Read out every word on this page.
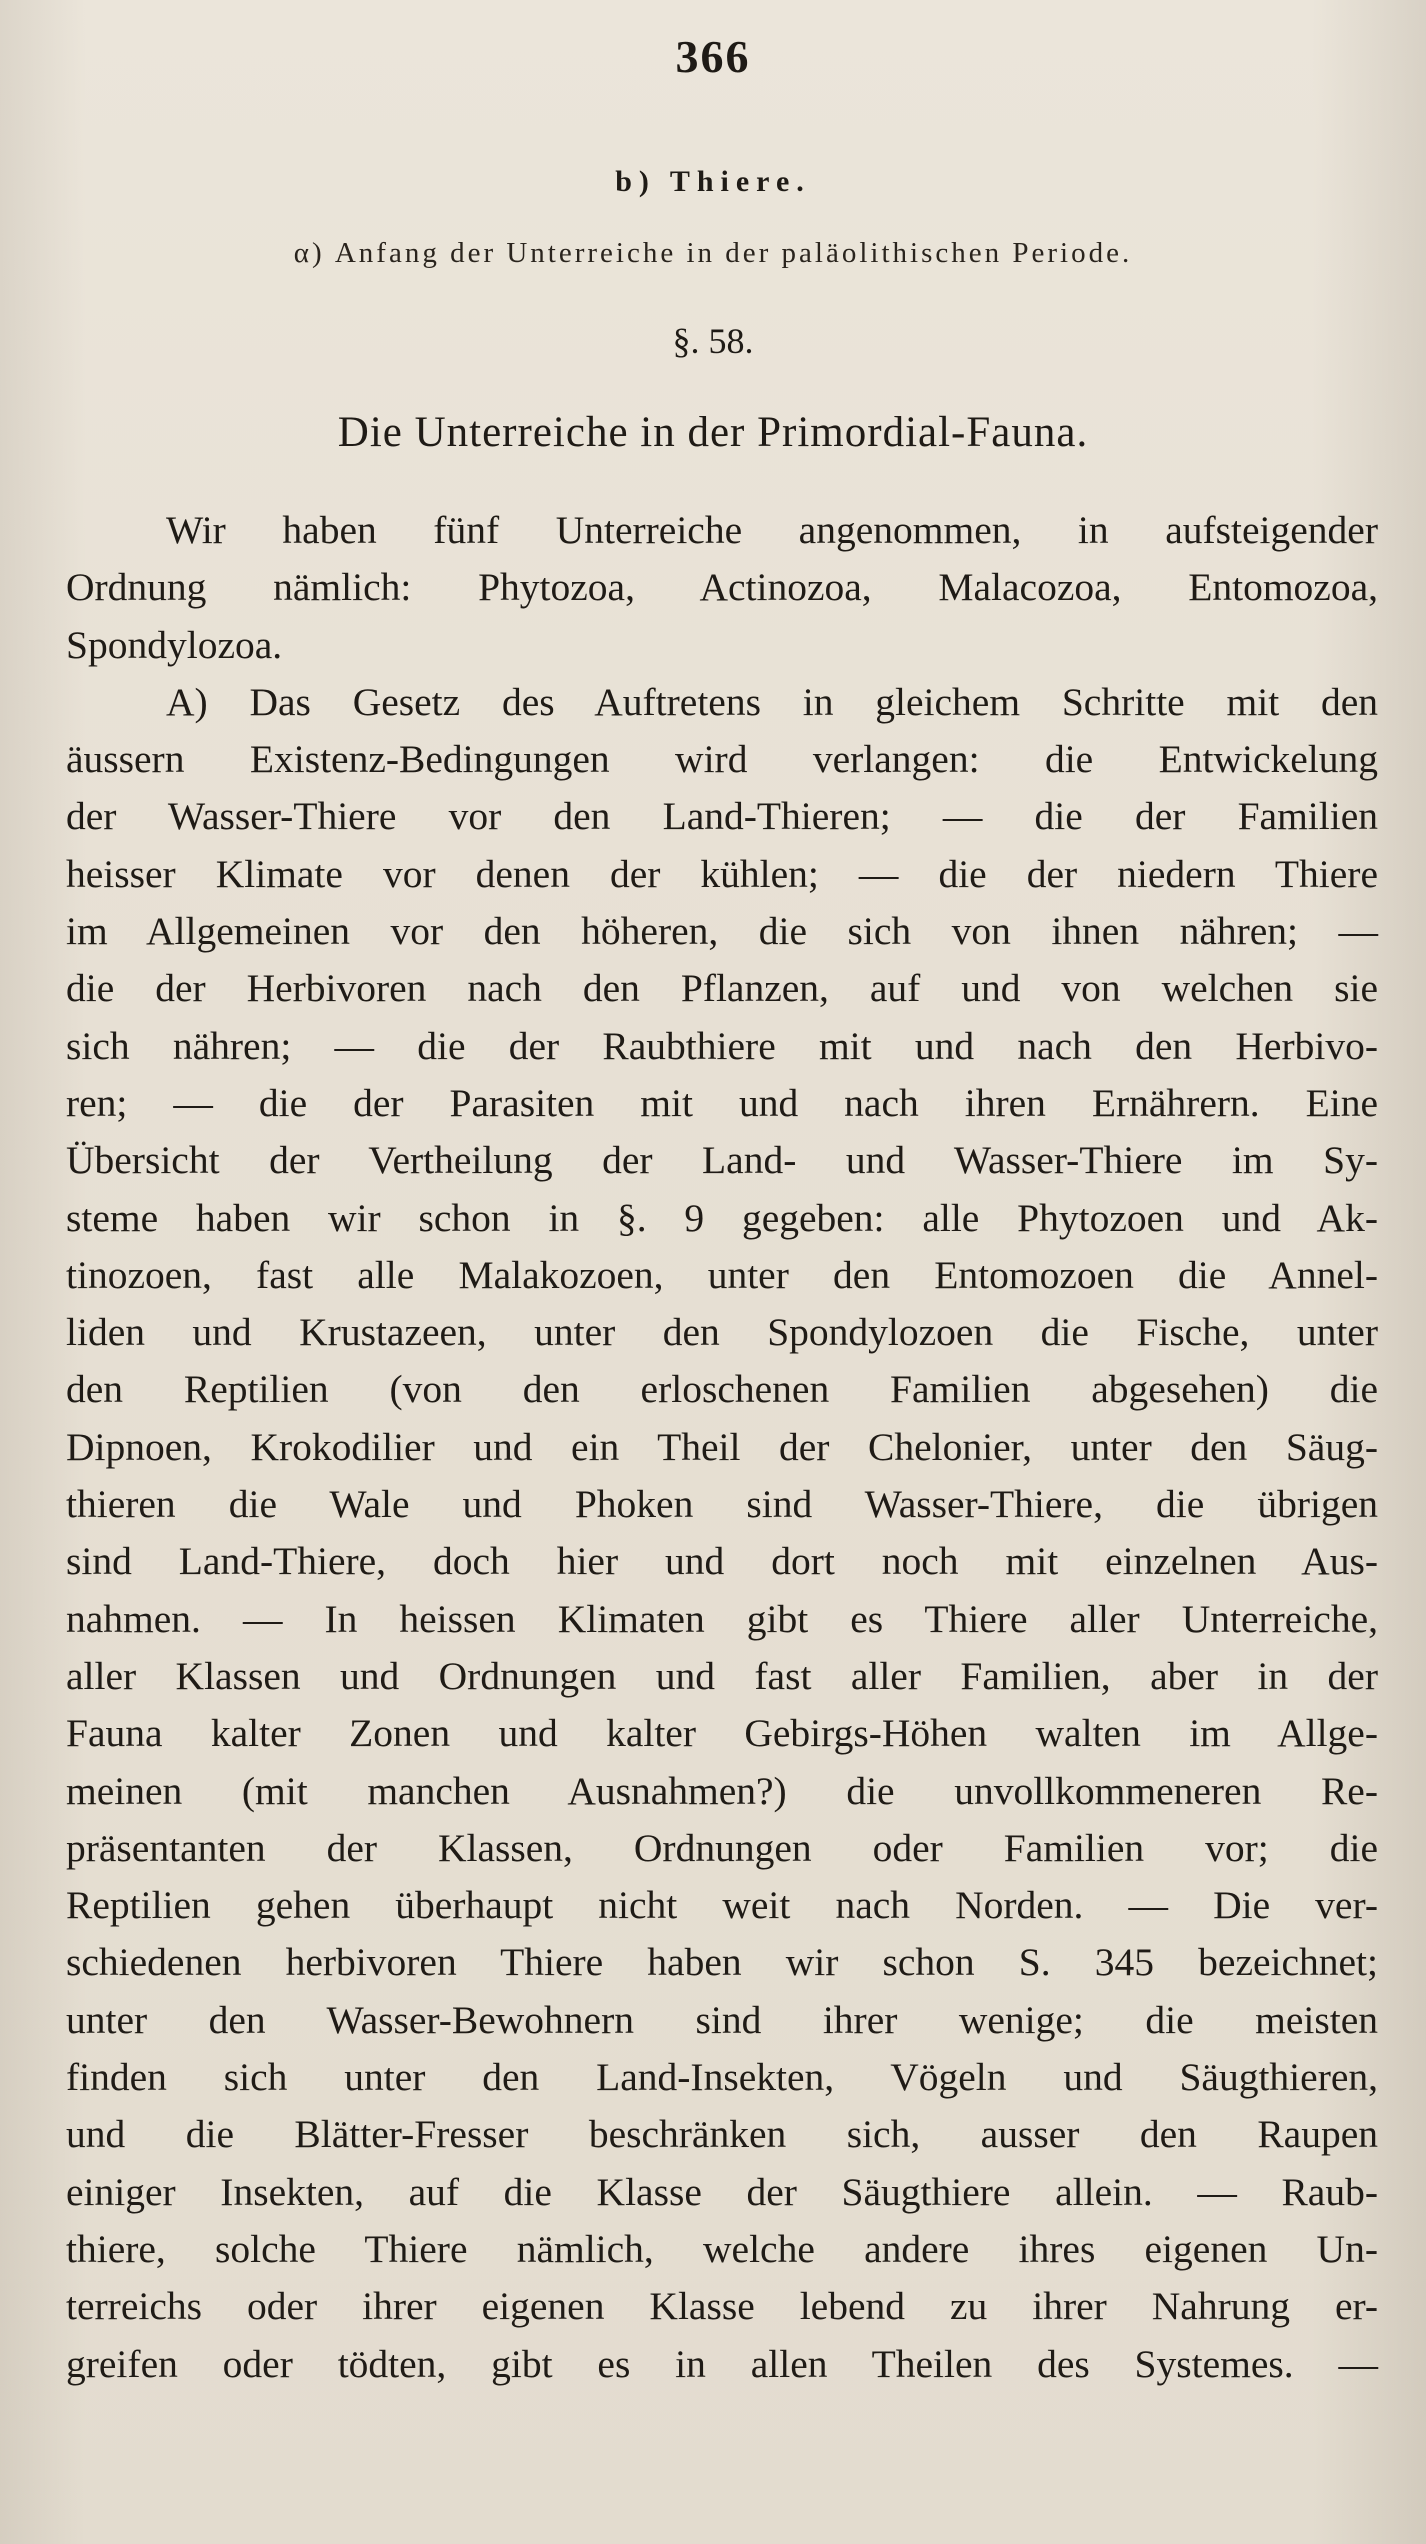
366
b) Thiere.
α) Anfang der Unterreiche in der paläolithischen Periode.
§. 58.
Die Unterreiche in der Primordial-Fauna.

Wir haben fünf Unterreiche angenommen, in aufsteigender
Ordnung nämlich: Phytozoa, Actinozoa, Malacozoa, Entomozoa,
Spondylozoa.

A) Das Gesetz des Auftretens in gleichem Schritte mit den
äussern Existenz-Bedingungen wird verlangen: die Entwickelung
der Wasser-Thiere vor den Land-Thieren; — die der Familien
heisser Klimate vor denen der kühlen; — die der niedern Thiere
im Allgemeinen vor den höheren, die sich von ihnen nähren; —
die der Herbivoren nach den Pflanzen, auf und von welchen sie
sich nähren; — die der Raubthiere mit und nach den Herbivo-
ren; — die der Parasiten mit und nach ihren Ernährern. Eine
Übersicht der Vertheilung der Land- und Wasser-Thiere im Sy-
steme haben wir schon in §. 9 gegeben: alle Phytozoen und Ak-
tinozoen, fast alle Malakozoen, unter den Entomozoen die Annel-
liden und Krustazeen, unter den Spondylozoen die Fische, unter
den Reptilien (von den erloschenen Familien abgesehen) die
Dipnoen, Krokodilier und ein Theil der Chelonier, unter den Säug-
thieren die Wale und Phoken sind Wasser-Thiere, die übrigen
sind Land-Thiere, doch hier und dort noch mit einzelnen Aus-
nahmen. — In heissen Klimaten gibt es Thiere aller Unterreiche,
aller Klassen und Ordnungen und fast aller Familien, aber in der
Fauna kalter Zonen und kalter Gebirgs-Höhen walten im Allge-
meinen (mit manchen Ausnahmen?) die unvollkommeneren Re-
präsentanten der Klassen, Ordnungen oder Familien vor; die
Reptilien gehen überhaupt nicht weit nach Norden. — Die ver-
schiedenen herbivoren Thiere haben wir schon S. 345 bezeichnet;
unter den Wasser-Bewohnern sind ihrer wenige; die meisten
finden sich unter den Land-Insekten, Vögeln und Säugthieren,
und die Blätter-Fresser beschränken sich, ausser den Raupen
einiger Insekten, auf die Klasse der Säugthiere allein. — Raub-
thiere, solche Thiere nämlich, welche andere ihres eigenen Un-
terreichs oder ihrer eigenen Klasse lebend zu ihrer Nahrung er-
greifen oder tödten, gibt es in allen Theilen des Systemes. —
